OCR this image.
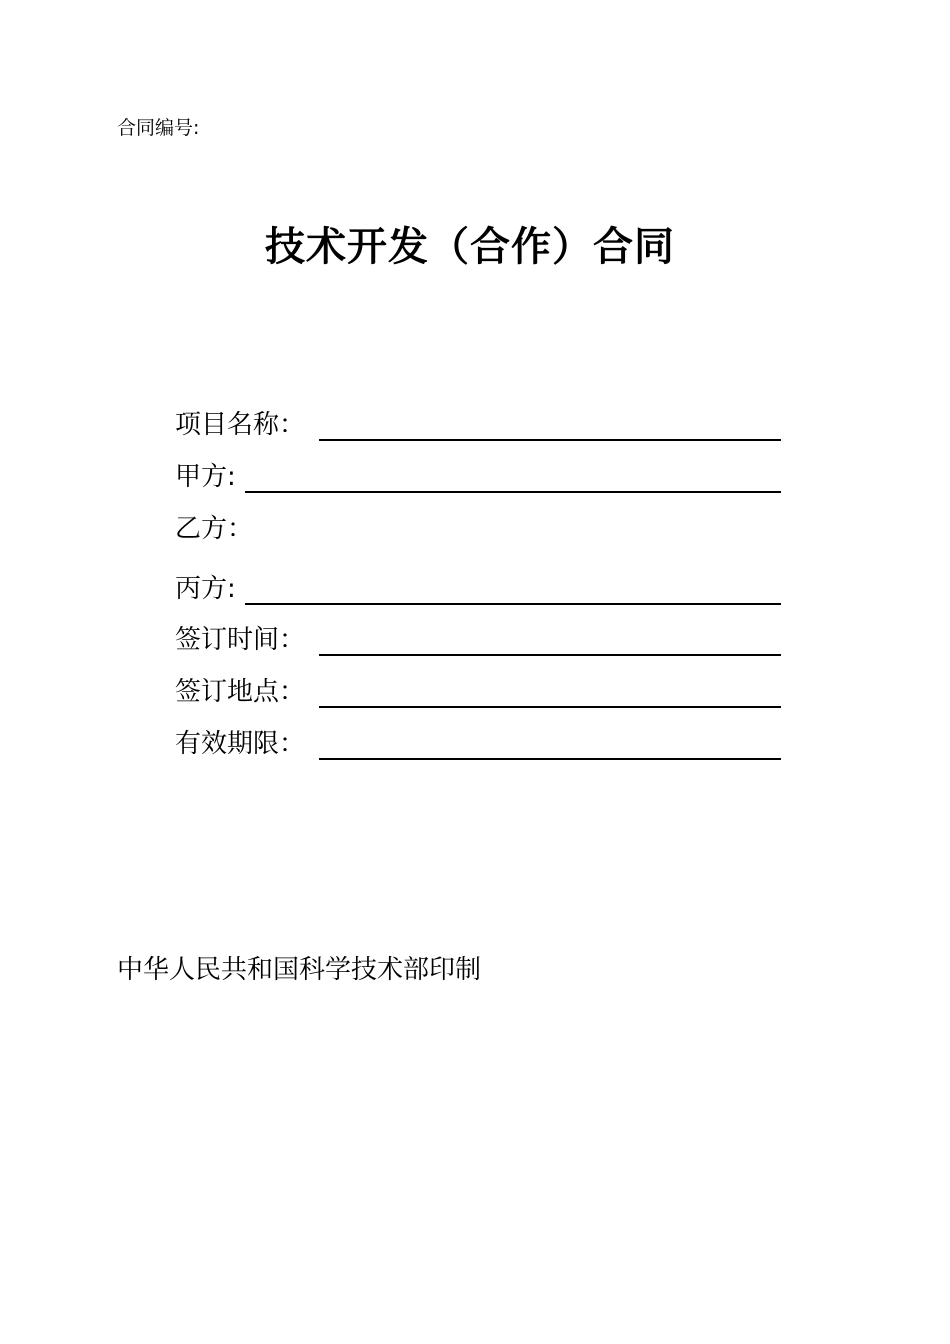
合同编号:
技术开发（合作）合同
项目名称：
甲方:
乙方：
丙方:
签订时间：
签订地点：
有效期限：
中华人民共和国科学技术部印制
